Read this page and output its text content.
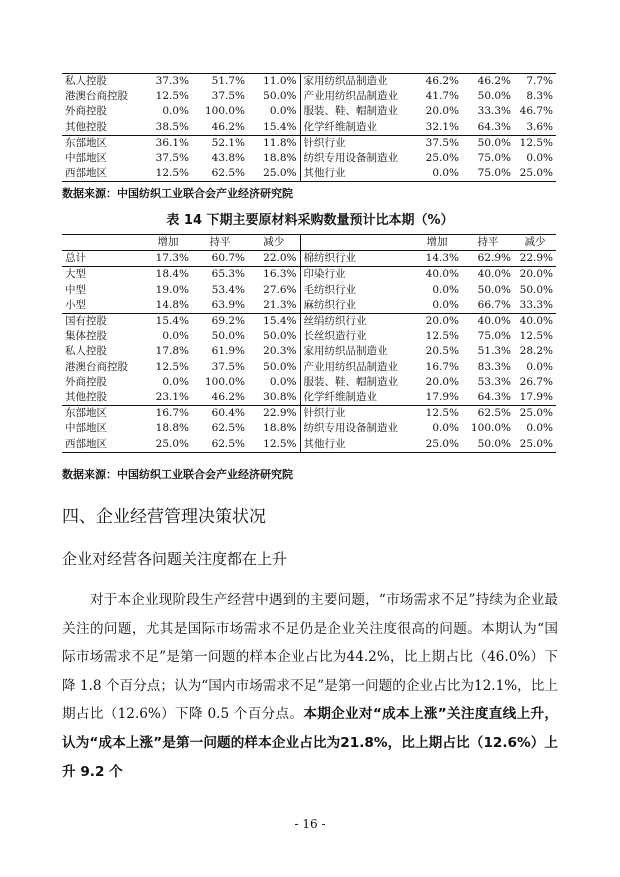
私人控股	37.3%	51.7%	11.0%	家用纺织品制造业	46.2%	46.2%	7.7%
港澳台商控股	12.5%	37.5%	50.0%	产业用纺织品制造业	41.7%	50.0%	8.3%
外商控股	0.0%	100.0%	0.0%	服装、鞋、帽制造业	20.0%	33.3%	46.7%
其他控股	38.5%	46.2%	15.4%	化学纤维制造业	32.1%	64.3%	3.6%
东部地区	36.1%	52.1%	11.8%	针织行业	37.5%	50.0%	12.5%
中部地区	37.5%	43.8%	18.8%	纺织专用设备制造业	25.0%	75.0%	0.0%
西部地区	12.5%	62.5%	25.0%	其他行业	0.0%	75.0%	25.0%
数据来源：中国纺织工业联合会产业经济研究院
表 14 下期主要原材料采购数量预计比本期（%）
	增加	持平	减少		增加	持平	减少
总计	17.3%	60.7%	22.0%	棉纺织行业	14.3%	62.9%	22.9%
大型	18.4%	65.3%	16.3%	印染行业	40.0%	40.0%	20.0%
中型	19.0%	53.4%	27.6%	毛纺织行业	0.0%	50.0%	50.0%
小型	14.8%	63.9%	21.3%	麻纺织行业	0.0%	66.7%	33.3%
国有控股	15.4%	69.2%	15.4%	丝绢纺织行业	20.0%	40.0%	40.0%
集体控股	0.0%	50.0%	50.0%	长丝织造行业	12.5%	75.0%	12.5%
私人控股	17.8%	61.9%	20.3%	家用纺织品制造业	20.5%	51.3%	28.2%
港澳台商控股	12.5%	37.5%	50.0%	产业用纺织品制造业	16.7%	83.3%	0.0%
外商控股	0.0%	100.0%	0.0%	服装、鞋、帽制造业	20.0%	53.3%	26.7%
其他控股	23.1%	46.2%	30.8%	化学纤维制造业	17.9%	64.3%	17.9%
东部地区	16.7%	60.4%	22.9%	针织行业	12.5%	62.5%	25.0%
中部地区	18.8%	62.5%	18.8%	纺织专用设备制造业	0.0%	100.0%	0.0%
西部地区	25.0%	62.5%	12.5%	其他行业	25.0%	50.0%	25.0%
数据来源：中国纺织工业联合会产业经济研究院
四、企业经营管理决策状况
企业对经营各问题关注度都在上升

对于本企业现阶段生产经营中遇到的主要问题，“市场需求不足”持续为企业最关注的问题，尤其是国际市场需求不足仍是企业关注度很高的问题。本期认为“国际市场需求不足”是第一问题的样本企业占比为44.2%，比上期占比（46.0%）下降 1.8 个百分点；认为“国内市场需求不足”是第一问题的企业占比为12.1%，比上期占比（12.6%）下降 0.5 个百分点。本期企业对“成本上涨”关注度直线上升，认为“成本上涨”是第一问题的样本企业占比为21.8%，比上期占比（12.6%）上升 9.2 个

- 16 -
